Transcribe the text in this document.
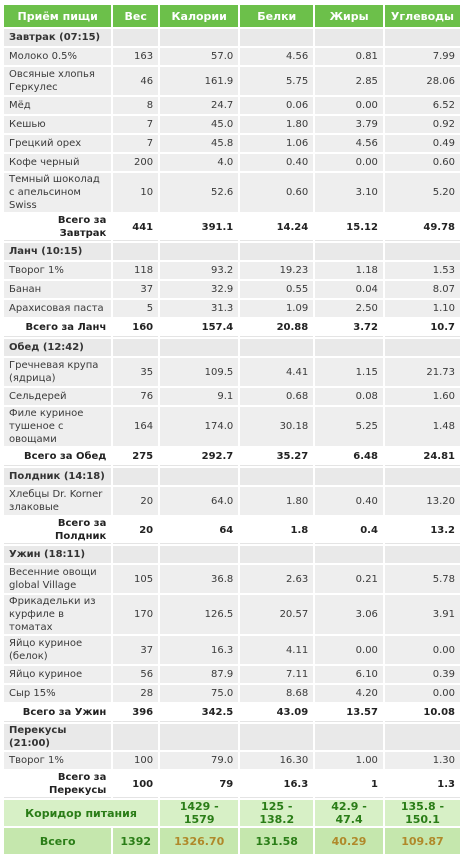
Приём пищи	Вес	Калории	Белки	Жиры	Углеводы
Завтрак (07:15)					
Молоко 0.5%	163	57.0	4.56	0.81	7.99
Овсяные хлопья Геркулес	46	161.9	5.75	2.85	28.06
Мёд	8	24.7	0.06	0.00	6.52
Кешью	7	45.0	1.80	3.79	0.92
Грецкий орех	7	45.8	1.06	4.56	0.49
Кофе черный	200	4.0	0.40	0.00	0.60
Темный шоколад с апельсином Swiss	10	52.6	0.60	3.10	5.20
Всего за Завтрак	441	391.1	14.24	15.12	49.78
Ланч (10:15)					
Творог 1%	118	93.2	19.23	1.18	1.53
Банан	37	32.9	0.55	0.04	8.07
Арахисовая паста	5	31.3	1.09	2.50	1.10
Всего за Ланч	160	157.4	20.88	3.72	10.7
Обед (12:42)					
Гречневая крупа (ядрица)	35	109.5	4.41	1.15	21.73
Сельдерей	76	9.1	0.68	0.08	1.60
Филе куриное тушеное с овощами	164	174.0	30.18	5.25	1.48
Всего за Обед	275	292.7	35.27	6.48	24.81
Полдник (14:18)					
Хлебцы Dr. Korner злаковые	20	64.0	1.80	0.40	13.20
Всего за Полдник	20	64	1.8	0.4	13.2
Ужин (18:11)					
Весенние овощи global Village	105	36.8	2.63	0.21	5.78
Фрикадельки из курфиле в томатах	170	126.5	20.57	3.06	3.91
Яйцо куриное (белок)	37	16.3	4.11	0.00	0.00
Яйцо куриное	56	87.9	7.11	6.10	0.39
Сыр 15%	28	75.0	8.68	4.20	0.00
Всего за Ужин	396	342.5	43.09	13.57	10.08
Перекусы (21:00)					
Творог 1%	100	79.0	16.30	1.00	1.30
Всего за Перекусы	100	79	16.3	1	1.3
Коридор питания		1429 - 1579	125 - 138.2	42.9 - 47.4	135.8 - 150.1
Всего	1392	1326.70	131.58	40.29	109.87
